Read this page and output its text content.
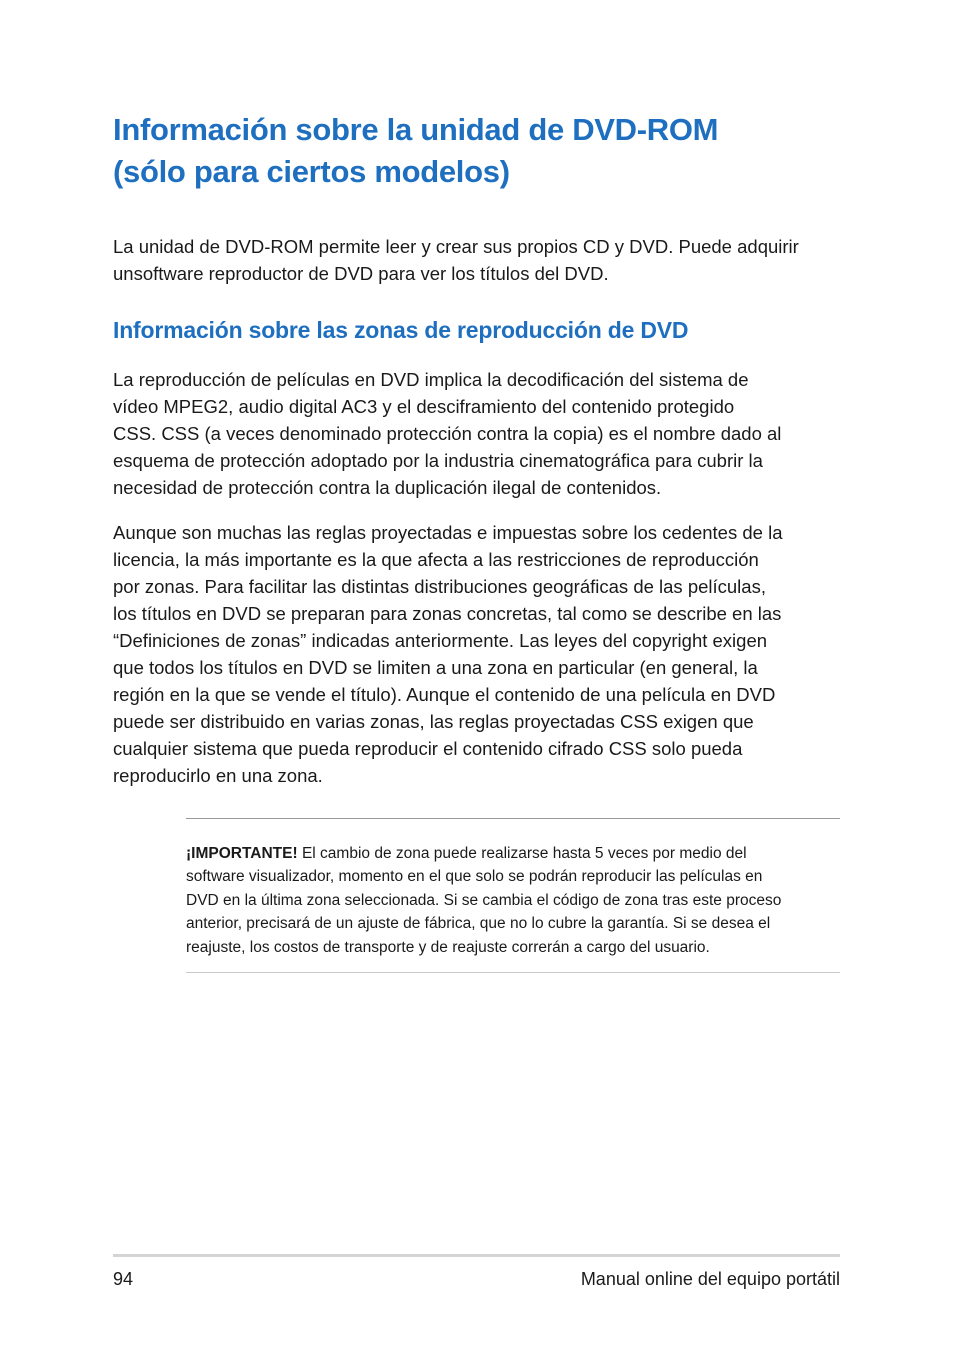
Información sobre la unidad de DVD-ROM
(sólo para ciertos modelos)

La unidad de DVD-ROM permite leer y crear sus propios CD y DVD. Puede adquirir
unsoftware reproductor de DVD para ver los títulos del DVD.

Información sobre las zonas de reproducción de DVD

La reproducción de películas en DVD implica la decodificación del sistema de
vídeo MPEG2, audio digital AC3 y el desciframiento del contenido protegido
CSS. CSS (a veces denominado protección contra la copia) es el nombre dado al
esquema de protección adoptado por la industria cinematográfica para cubrir la
necesidad de protección contra la duplicación ilegal de contenidos.

Aunque son muchas las reglas proyectadas e impuestas sobre los cedentes de la
licencia, la más importante es la que afecta a las restricciones de reproducción
por zonas. Para facilitar las distintas distribuciones geográficas de las películas,
los títulos en DVD se preparan para zonas concretas, tal como se describe en las
“Definiciones de zonas” indicadas anteriormente. Las leyes del copyright exigen
que todos los títulos en DVD se limiten a una zona en particular (en general, la
región en la que se vende el título). Aunque el contenido de una película en DVD
puede ser distribuido en varias zonas, las reglas proyectadas CSS exigen que
cualquier sistema que pueda reproducir el contenido cifrado CSS solo pueda
reproducirlo en una zona.

¡IMPORTANTE! El cambio de zona puede realizarse hasta 5 veces por medio del
software visualizador, momento en el que solo se podrán reproducir las películas en
DVD en la última zona seleccionada. Si se cambia el código de zona tras este proceso
anterior, precisará de un ajuste de fábrica, que no lo cubre la garantía. Si se desea el
reajuste, los costos de transporte y de reajuste correrán a cargo del usuario.

94	Manual online del equipo portátil
